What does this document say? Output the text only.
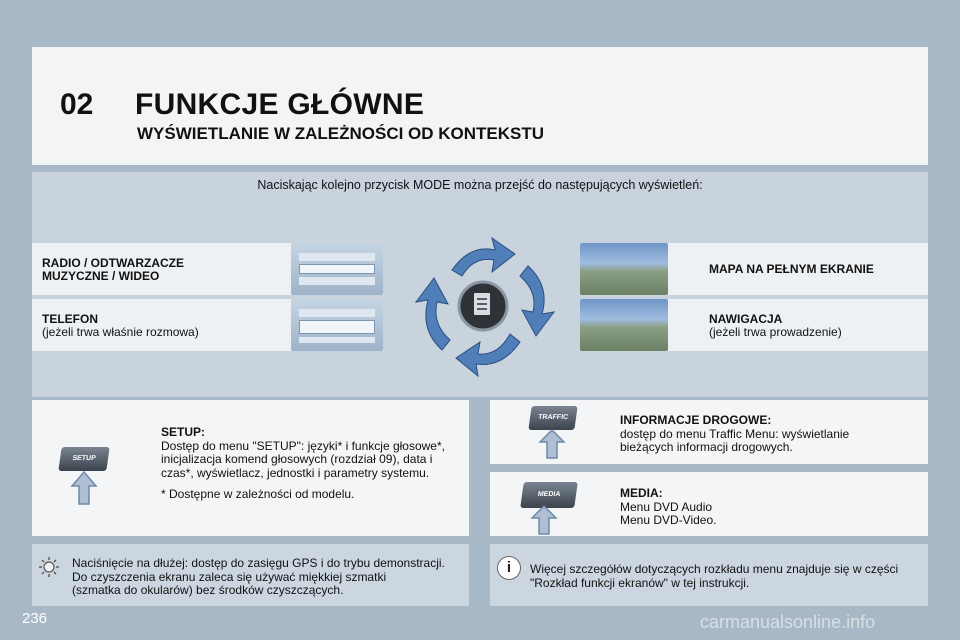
02 FUNKCJE GŁÓWNE
WYŚWIETLANIE W ZALEŻNOŚCI OD KONTEKSTU
Naciskając kolejno przycisk MODE można przejść do następujących wyświetleń:
RADIO / ODTWARZACZE
MUZYCZNE / WIDEO
TELEFON
(jeżeli trwa właśnie rozmowa)
MAPA NA PEŁNYM EKRANIE
NAWIGACJA
(jeżeli trwa prowadzenie)
SETUP
SETUP:
Dostęp do menu "SETUP": języki* i funkcje głosowe*,
inicjalizacja komend głosowych (rozdział 09), data i
czas*, wyświetlacz, jednostki i parametry systemu.
* Dostępne w zależności od modelu.
TRAFFIC	INFORMACJE DROGOWE:
dostęp do menu Traffic Menu: wyświetlanie
bieżących informacji drogowych.
MEDIA	MEDIA:
Menu DVD Audio
Menu DVD-Video.
Naciśnięcie na dłużej: dostęp do zasięgu GPS i do trybu demonstracji.
Do czyszczenia ekranu zaleca się używać miękkiej szmatki
(szmatka do okularów) bez środków czyszczących.
i	Więcej szczegółów dotyczących rozkładu menu znajduje się w części
"Rozkład funkcji ekranów" w tej instrukcji.
236	carmanualsonline.info
